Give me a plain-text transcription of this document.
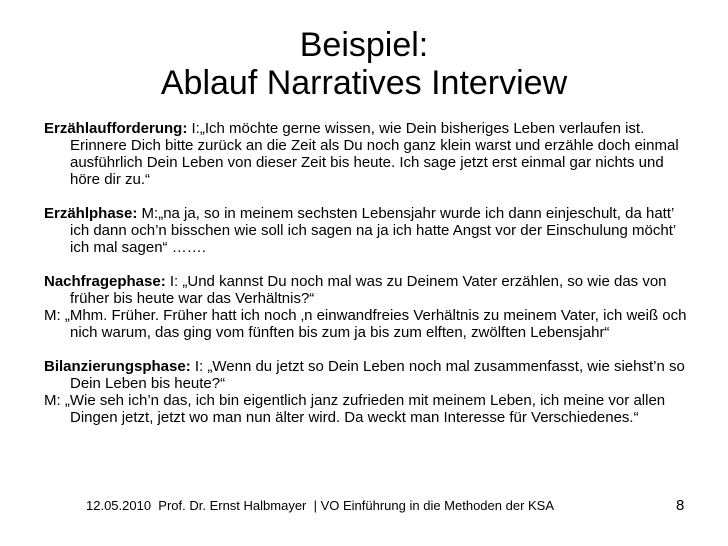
Beispiel:
Ablauf Narratives Interview

Erzählaufforderung: I:„Ich möchte gerne wissen, wie Dein bisheriges Leben verlaufen ist. Erinnere Dich bitte zurück an die Zeit als Du noch ganz klein warst und erzähle doch einmal ausführlich Dein Leben von dieser Zeit bis heute. Ich sage jetzt erst einmal gar nichts und höre dir zu.“

Erzählphase: M:„na ja, so in meinem sechsten Lebensjahr wurde ich dann einjeschult, da hatt’ ich dann och’n bisschen wie soll ich sagen na ja ich hatte Angst vor der Einschulung möcht’ ich mal sagen“ …….

Nachfragephase: I: „Und kannst Du noch mal was zu Deinem Vater erzählen, so wie das von früher bis heute war das Verhältnis?“

M: „Mhm. Früher. Früher hatt ich noch ‚n einwandfreies Verhältnis zu meinem Vater, ich weiß och nich warum, das ging vom fünften bis zum ja bis zum elften, zwölften Lebensjahr“

Bilanzierungsphase: I: „Wenn du jetzt so Dein Leben noch mal zusammenfasst, wie siehst’n so Dein Leben bis heute?“

M: „Wie seh ich’n das, ich bin eigentlich janz zufrieden mit meinem Leben, ich meine vor allen Dingen jetzt, jetzt wo man nun älter wird. Da weckt man Interesse für Verschiedenes.“

12.05.2010  Prof. Dr. Ernst Halbmayer  | VO Einführung in die Methoden der KSA	8
